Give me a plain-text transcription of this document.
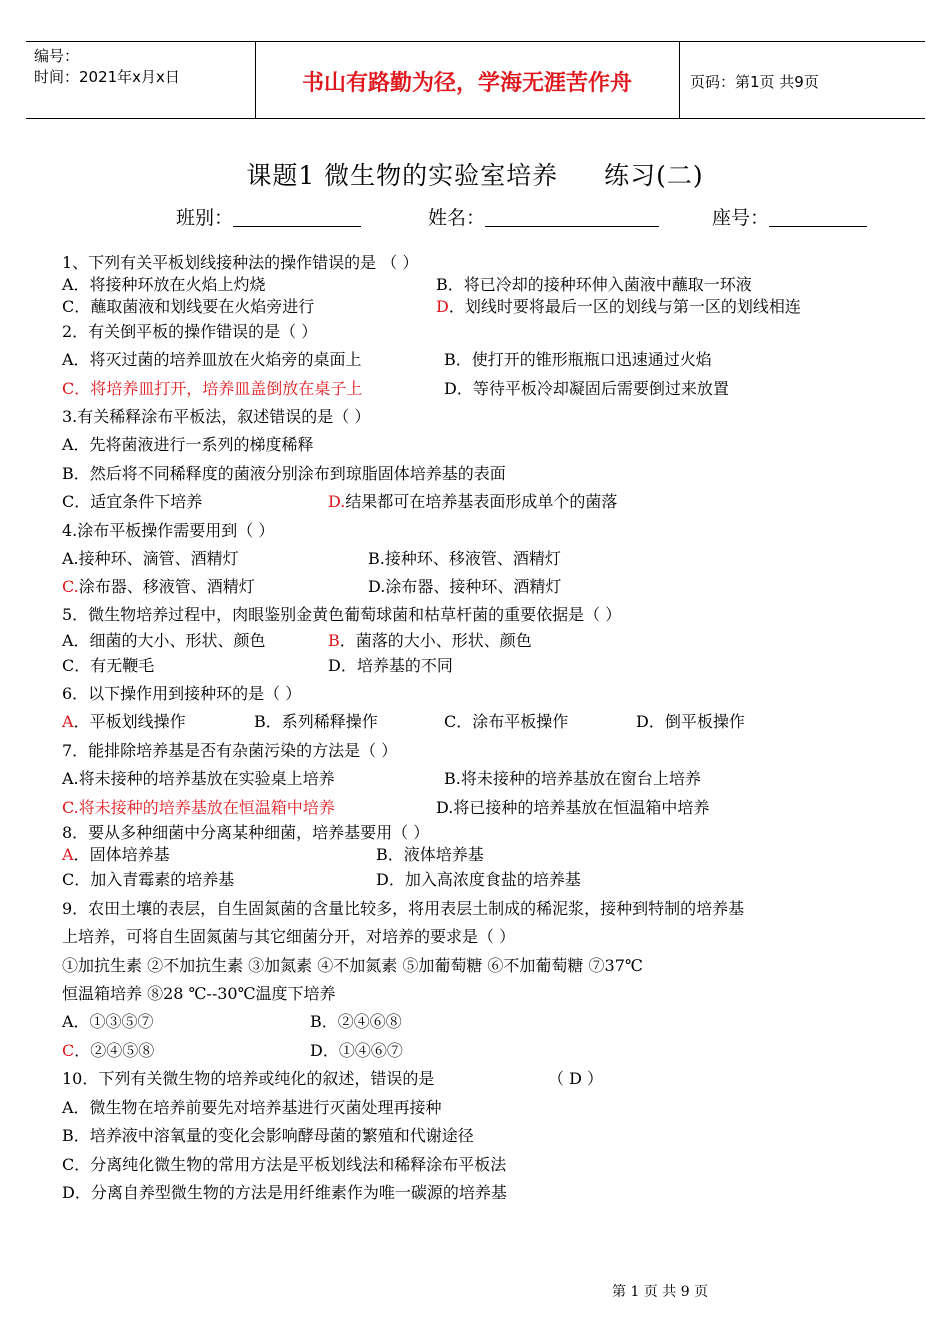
编号：
时间：2021年x月x日	书山有路勤为径，学海无涯苦作舟	页码：第1页 共9页
课题1 微生物的实验室培养 练习(二)
班别：	姓名：	座号：
1、下列有关平板划线接种法的操作错误的是 （ ）
A．将接种环放在火焰上灼烧	B．将已冷却的接种环伸入菌液中蘸取一环液
C．蘸取菌液和划线要在火焰旁进行	D．划线时要将最后一区的划线与第一区的划线相连
2．有关倒平板的操作错误的是（ ）
A．将灭过菌的培养皿放在火焰旁的桌面上	B．使打开的锥形瓶瓶口迅速通过火焰
C．将培养皿打开，培养皿盖倒放在桌子上	D．等待平板冷却凝固后需要倒过来放置
3.有关稀释涂布平板法，叙述错误的是（ ）
A．先将菌液进行一系列的梯度稀释
B．然后将不同稀释度的菌液分别涂布到琼脂固体培养基的表面
C．适宜条件下培养	D.结果都可在培养基表面形成单个的菌落
4.涂布平板操作需要用到（ ）
A.接种环、滴管、酒精灯	B.接种环、移液管、酒精灯
C.涂布器、移液管、酒精灯	D.涂布器、接种环、酒精灯
5．微生物培养过程中，肉眼鉴别金黄色葡萄球菌和枯草杆菌的重要依据是（ ）
A．细菌的大小、形状、颜色	B．菌落的大小、形状、颜色
C．有无鞭毛	D．培养基的不同
6．以下操作用到接种环的是（ ）
A．平板划线操作	B．系列稀释操作	C．涂布平板操作	D．倒平板操作
7．能排除培养基是否有杂菌污染的方法是（ ）
A.将未接种的培养基放在实验桌上培养	B.将未接种的培养基放在窗台上培养
C.将未接种的培养基放在恒温箱中培养	D.将已接种的培养基放在恒温箱中培养
8．要从多种细菌中分离某种细菌，培养基要用（ ）
A．固体培养基	B．液体培养基
C．加入青霉素的培养基	D．加入高浓度食盐的培养基
9．农田土壤的表层，自生固氮菌的含量比较多，将用表层土制成的稀泥浆，接种到特制的培养基
上培养，可将自生固氮菌与其它细菌分开，对培养的要求是（ ）
①加抗生素 ②不加抗生素 ③加氮素 ④不加氮素 ⑤加葡萄糖 ⑥不加葡萄糖 ⑦37℃
恒温箱培养 ⑧28 ℃--30℃温度下培养
A．①③⑤⑦	B．②④⑥⑧
C．②④⑤⑧	D．①④⑥⑦
10．下列有关微生物的培养或纯化的叙述，错误的是	（ D ）
A．微生物在培养前要先对培养基进行灭菌处理再接种
B．培养液中溶氧量的变化会影响酵母菌的繁殖和代谢途径
C．分离纯化微生物的常用方法是平板划线法和稀释涂布平板法
D．分离自养型微生物的方法是用纤维素作为唯一碳源的培养基
第 1 页 共 9 页
